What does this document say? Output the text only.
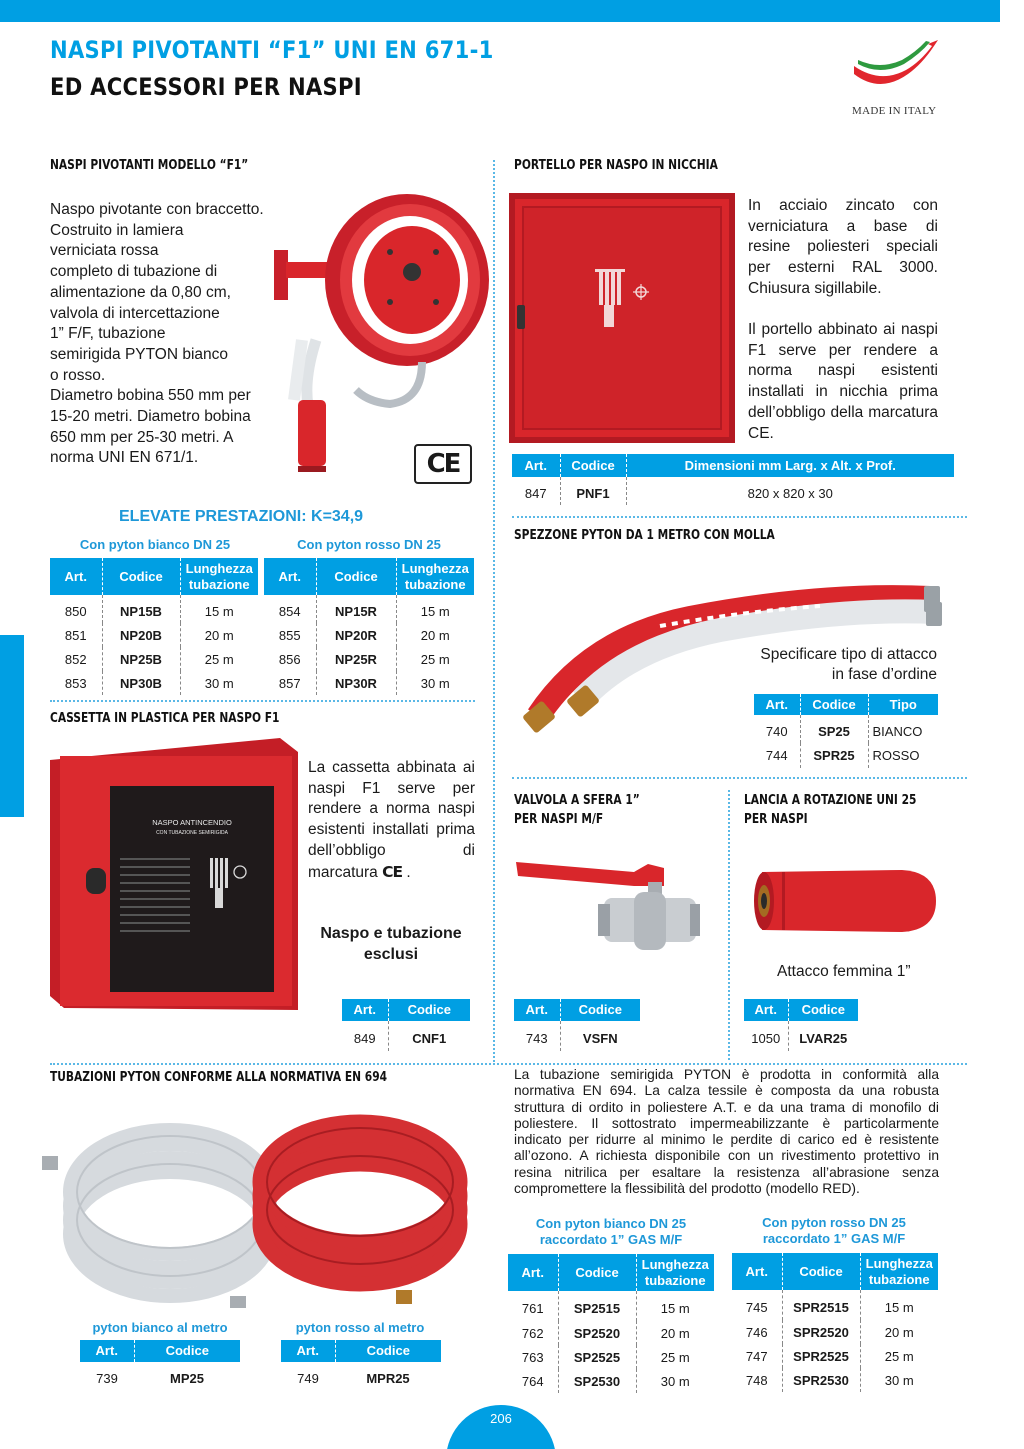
NASPI PIVOTANTI “F1” UNI EN 671-1
ED ACCESSORI PER NASPI
MADE IN ITALY
NASPI PIVOTANTI MODELLO “F1”
Naspo pivotante con braccetto.
Costruito in lamiera
verniciata rossa
completo di tubazione di
alimentazione da 0,80 cm,
valvola di intercettazione
1” F/F, tubazione
semirigida PYTON bianco
o rosso.
Diametro bobina 550 mm per
15-20 metri. Diametro bobina
650 mm per 25-30 metri. A
norma UNI EN 671/1.	CE
ELEVATE PRESTAZIONI: K=34,9
Con pyton bianco DN 25	Con pyton rosso DN 25
Art.	Codice	Lunghezza tubazione
850	NP15B	15 m
851	NP20B	20 m
852	NP25B	25 m
853	NP30B	30 m
Art.	Codice	Lunghezza tubazione
854	NP15R	15 m
855	NP20R	20 m
856	NP25R	25 m
857	NP30R	30 m
PORTELLO PER NASPO IN NICCHIA
In acciaio zincato con verniciatura a base di resine poliesteri speciali per esterni RAL 3000. Chiusura sigillabile.
Il portello abbinato ai naspi F1 serve per rendere a norma naspi esistenti installati in nicchia prima dell’obbligo della marcatura CE.
Art.	Codice	Dimensioni mm Larg. x Alt. x Prof.
847	PNF1	820 x 820 x 30
SPEZZONE PYTON DA 1 METRO CON MOLLA
Specificare tipo di attacco
in fase d’ordine
Art.	Codice	Tipo
740	SP25	BIANCO
744	SPR25	ROSSO
CASSETTA IN PLASTICA PER NASPO F1
NASPO ANTINCENDIO
CON TUBAZIONE SEMIRIGIDA
La cassetta abbinata ai naspi F1 serve per rendere a norma naspi esistenti installati prima dell’obbligo di marcatura CE .
Naspo e tubazione
esclusi
Art.	Codice
849	CNF1
VALVOLA A SFERA 1”
PER NASPI M/F
Art.	Codice
743	VSFN
LANCIA A ROTAZIONE UNI 25
PER NASPI
Attacco femmina 1”
Art.	Codice
1050	LVAR25
TUBAZIONI PYTON CONFORME ALLA NORMATIVA EN 694	La tubazione semirigida PYTON è prodotta in conformità alla normativa EN 694. La calza tessile è composta da una robusta struttura di ordito in poliestere A.T. e da una trama di monofilo di poliestere. Il sottostrato impermeabilizzante è particolarmente indicato per ridurre al minimo le perdite di carico ed è resistente all’ozono. A richiesta disponibile con un rivestimento protettivo in resina nitrilica per esaltare la resistenza all’abrasione senza compromettere la flessibilità del prodotto (modello RED).
pyton bianco al metro	pyton rosso al metro
Art.	Codice
739	MP25
Art.	Codice
749	MPR25
Con pyton bianco DN 25
raccordato 1” GAS M/F
Con pyton rosso DN 25
raccordato 1” GAS M/F
Art.	Codice	Lunghezza tubazione
761	SP2515	15 m
762	SP2520	20 m
763	SP2525	25 m
764	SP2530	30 m
Art.	Codice	Lunghezza tubazione
745	SPR2515	15 m
746	SPR2520	20 m
747	SPR2525	25 m
748	SPR2530	30 m
206
